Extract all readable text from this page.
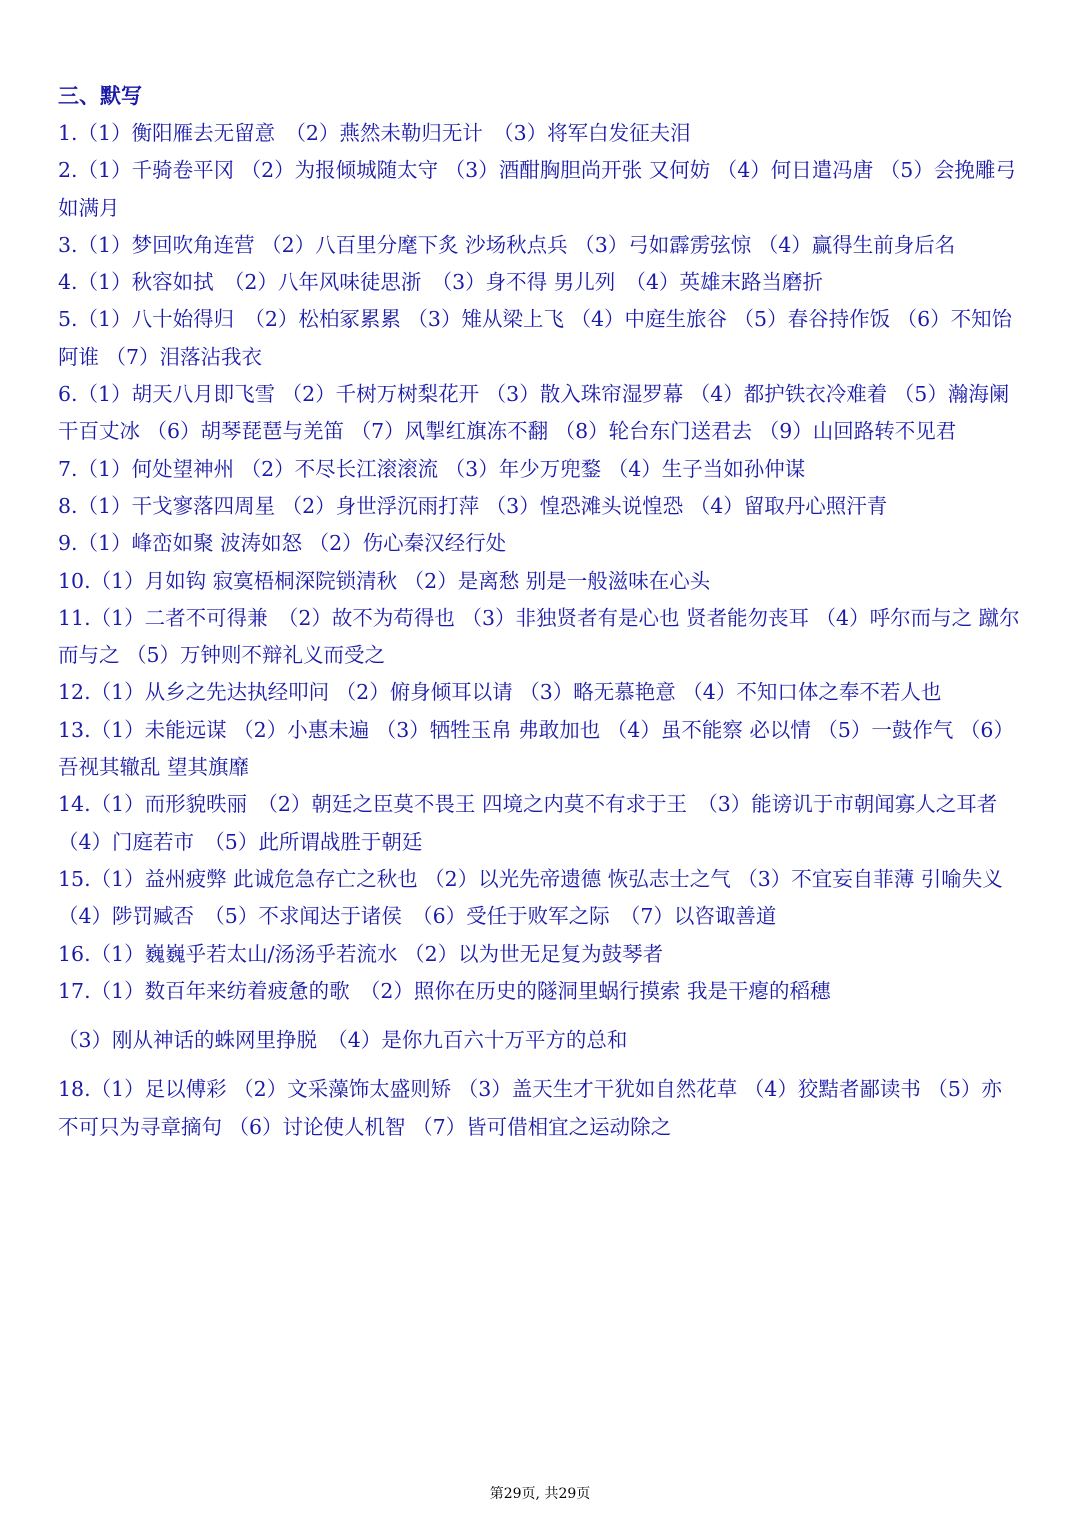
三、默写
1.（1）衡阳雁去无留意　（2）燕然未勒归无计　（3）将军白发征夫泪
2.（1）千骑卷平冈 （2）为报倾城随太守 （3）酒酣胸胆尚开张 又何妨 （4）何日遣冯唐 （5）会挽雕弓如满月
3.（1）梦回吹角连营 （2）八百里分麾下炙 沙场秋点兵 （3）弓如霹雳弦惊 （4）赢得生前身后名
4.（1）秋容如拭　（2）八年风味徒思浙　（3）身不得 男儿列　（4）英雄末路当磨折
5.（1）八十始得归　（2）松柏冢累累 （3）雉从梁上飞 （4）中庭生旅谷 （5）春谷持作饭 （6）不知饴阿谁 （7）泪落沾我衣
6.（1）胡天八月即飞雪 （2）千树万树梨花开 （3）散入珠帘湿罗幕 （4）都护铁衣冷难着 （5）瀚海阑干百丈冰 （6）胡琴琵琶与羌笛 （7）风掣红旗冻不翻 （8）轮台东门送君去 （9）山回路转不见君
7.（1）何处望神州 （2）不尽长江滚滚流 （3）年少万兜鍪 （4）生子当如孙仲谋
8.（1）干戈寥落四周星 （2）身世浮沉雨打萍 （3）惶恐滩头说惶恐 （4）留取丹心照汗青
9.（1）峰峦如聚 波涛如怒 （2）伤心秦汉经行处
10.（1）月如钩 寂寞梧桐深院锁清秋 （2）是离愁 别是一般滋味在心头
11.（1）二者不可得兼　（2）故不为苟得也 （3）非独贤者有是心也 贤者能勿丧耳 （4）呼尔而与之 蹴尔而与之 （5）万钟则不辩礼义而受之
12.（1）从乡之先达执经叩问 （2）俯身倾耳以请 （3）略无慕艳意 （4）不知口体之奉不若人也
13.（1）未能远谋 （2）小惠未遍 （3）牺牲玉帛 弗敢加也 （4）虽不能察 必以情 （5）一鼓作气 （6）吾视其辙乱 望其旗靡
14.（1）而形貌昳丽　（2）朝廷之臣莫不畏王 四境之内莫不有求于王　（3）能谤讥于市朝闻寡人之耳者　（4）门庭若市　（5）此所谓战胜于朝廷
15.（1）益州疲弊 此诚危急存亡之秋也 （2）以光先帝遗德 恢弘志士之气 （3）不宜妄自菲薄 引喻失义　（4）陟罚臧否　（5）不求闻达于诸侯　（6）受任于败军之际　（7）以咨诹善道
16.（1）巍巍乎若太山/汤汤乎若流水 （2）以为世无足复为鼓琴者
17.（1）数百年来纺着疲惫的歌　（2）照你在历史的隧洞里蜗行摸索 我是干瘪的稻穗
（3）刚从神话的蛛网里挣脱　（4）是你九百六十万平方的总和
18.（1）足以傅彩 （2）文采藻饰太盛则矫 （3）盖天生才干犹如自然花草 （4）狡黠者鄙读书 （5）亦不可只为寻章摘句 （6）讨论使人机智 （7）皆可借相宜之运动除之
第29页, 共29页
